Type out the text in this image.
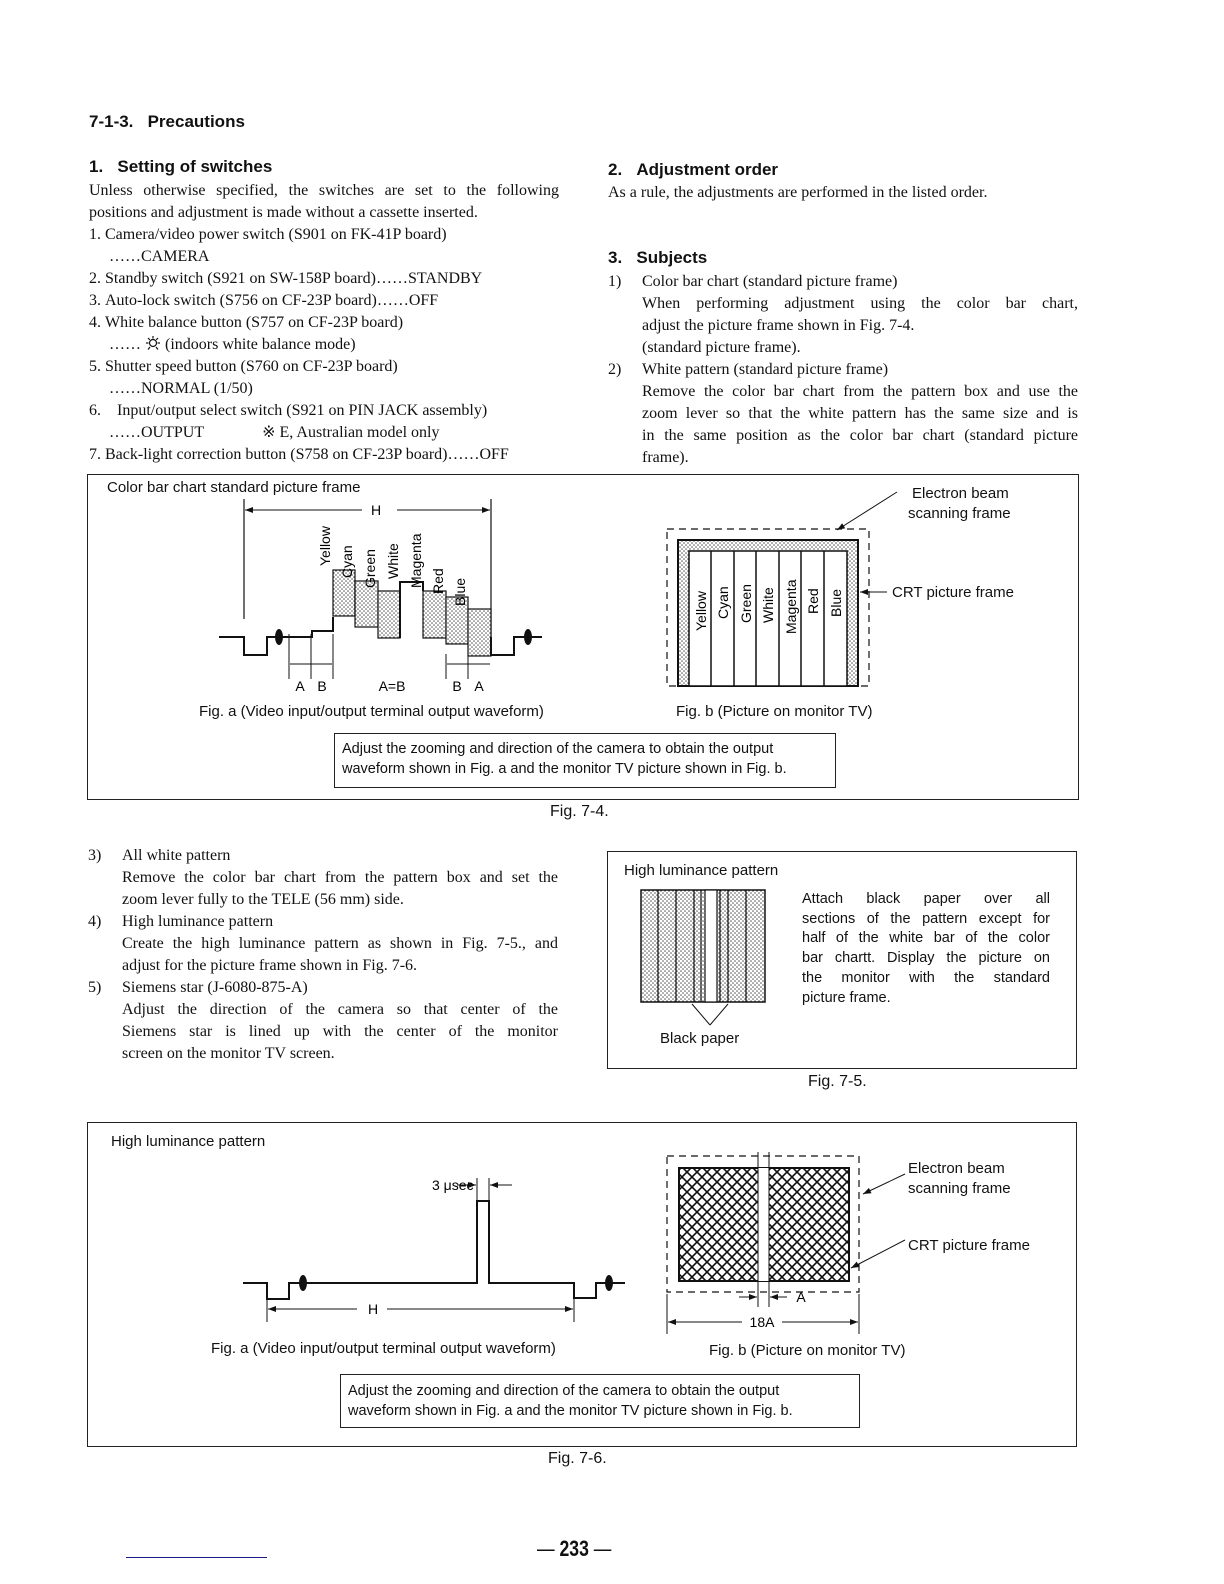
7-1-3. Precautions
1. Setting of switches
Unless otherwise specified, the switches are set to the following
positions and adjustment is made without a cassette inserted.
1. Camera/video power switch (S901 on FK-41P board)
……CAMERA
2. Standby switch (S921 on SW-158P board)……STANDBY
3. Auto-lock switch (S756 on CF-23P board)……OFF
4. White balance button (S757 on CF-23P board)
…… (indoors white balance mode)
5. Shutter speed button (S760 on CF-23P board)
……NORMAL (1/50)
6. Input/output select switch (S921 on PIN JACK assembly)
……OUTPUT	※ E, Australian model only
7. Back-light correction button (S758 on CF-23P board)……OFF
2. Adjustment order
As a rule, the adjustments are performed in the listed order.
3. Subjects
1) Color bar chart (standard picture frame)
When performing adjustment using the color bar chart,
adjust the picture frame shown in Fig. 7-4.
(standard picture frame).
2) White pattern (standard picture frame)
Remove the color bar chart from the pattern box and use the
zoom lever so that the white pattern has the same size and is
in the same position as the color bar chart (standard picture
frame).
Color bar chart standard picture frame
H
A B	A=B	B A
Yellow Cyan Green White Magenta Red Blue	Yellow Cyan Green White Magenta Red Blue
Electron beam
scanning frame
CRT picture frame
Fig. a (Video input/output terminal output waveform)	Fig. b (Picture on monitor TV)
Adjust the zooming and direction of the camera to obtain the output
waveform shown in Fig. a and the monitor TV picture shown in Fig. b.
Fig. 7-4.
3) All white pattern
Remove the color bar chart from the pattern box and set the
zoom lever fully to the TELE (56 mm) side.
4) High luminance pattern
Create the high luminance pattern as shown in Fig. 7-5., and
adjust for the picture frame shown in Fig. 7-6.
5) Siemens star (J-6080-875-A)
Adjust the direction of the camera so that center of the
Siemens star is lined up with the center of the monitor
screen on the monitor TV screen.
High luminance pattern
Black paper
Attach black paper over all
sections of the pattern except for
half of the white bar of the color
bar chartt. Display the picture on
the monitor with the standard
picture frame.
Fig. 7-5.
High luminance pattern
3 μsec
H
A
18A
Electron beam
scanning frame
CRT picture frame
Fig. a (Video input/output terminal output waveform)	Fig. b (Picture on monitor TV)
Adjust the zooming and direction of the camera to obtain the output
waveform shown in Fig. a and the monitor TV picture shown in Fig. b.
Fig. 7-6.
— 233 —
